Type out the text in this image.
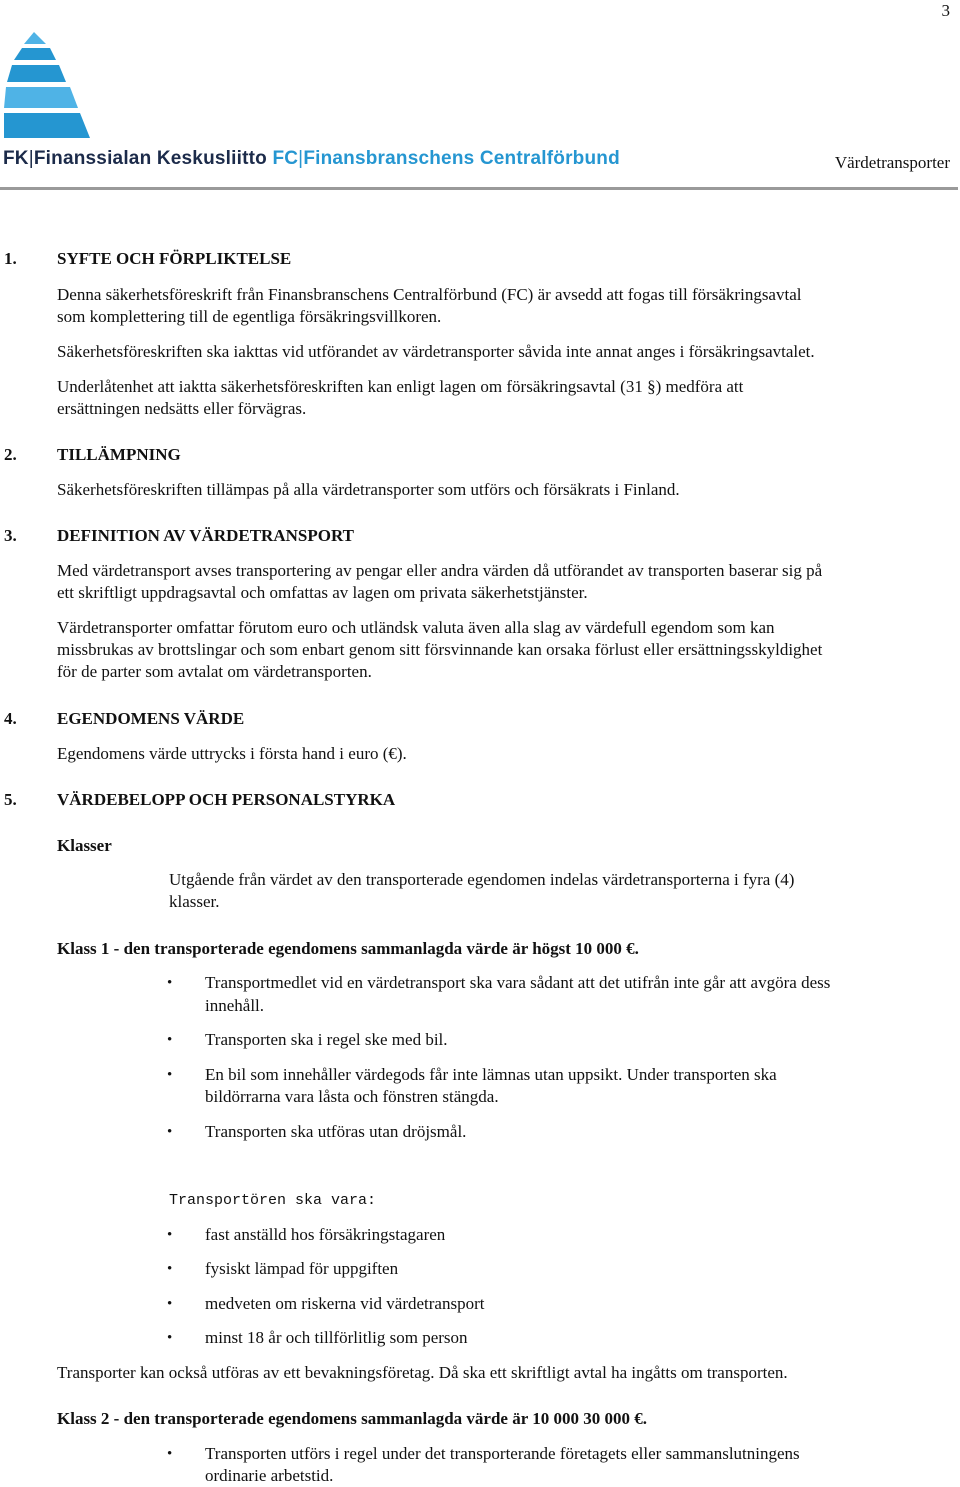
3
FK|Finanssialan Keskusliitto FC|Finansbranschens Centralförbund	Värdetransporter
1. SYFTE OCH FÖRPLIKTELSE
Denna säkerhetsföreskrift från Finansbranschens Centralförbund (FC) är avsedd att fogas till försäkringsavtal
som komplettering till de egentliga försäkringsvillkoren.
Säkerhetsföreskriften ska iakttas vid utförandet av värdetransporter såvida inte annat anges i försäkringsavtalet.
Underlåtenhet att iaktta säkerhetsföreskriften kan enligt lagen om försäkringsavtal (31 §) medföra att
ersättningen nedsätts eller förvägras.
2. TILLÄMPNING
Säkerhetsföreskriften tillämpas på alla värdetransporter som utförs och försäkrats i Finland.
3. DEFINITION AV VÄRDETRANSPORT
Med värdetransport avses transportering av pengar eller andra värden då utförandet av transporten baserar sig på
ett skriftligt uppdragsavtal och omfattas av lagen om privata säkerhetstjänster.
Värdetransporter omfattar förutom euro och utländsk valuta även alla slag av värdefull egendom som kan
missbrukas av brottslingar och som enbart genom sitt försvinnande kan orsaka förlust eller ersättningsskyldighet
för de parter som avtalat om värdetransporten.
4. EGENDOMENS VÄRDE
Egendomens värde uttrycks i första hand i euro (€).
5. VÄRDEBELOPP OCH PERSONALSTYRKA
Klasser
Utgående från värdet av den transporterade egendomen indelas värdetransporterna i fyra (4)
klasser.
Klass 1 - den transporterade egendomens sammanlagda värde är högst 10 000 €.
• Transportmedlet vid en värdetransport ska vara sådant att det utifrån inte går att avgöra dess
innehåll.
• Transporten ska i regel ske med bil.
• En bil som innehåller värdegods får inte lämnas utan uppsikt. Under transporten ska
bildörrarna vara låsta och fönstren stängda.
• Transporten ska utföras utan dröjsmål.
Transportören ska vara:
• fast anställd hos försäkringstagaren
• fysiskt lämpad för uppgiften
• medveten om riskerna vid värdetransport
• minst 18 år och tillförlitlig som person
Transporter kan också utföras av ett bevakningsföretag. Då ska ett skriftligt avtal ha ingåtts om transporten.
Klass 2 - den transporterade egendomens sammanlagda värde är 10 000 30 000 €.
• Transporten utförs i regel under det transporterande företagets eller sammanslutningens
ordinarie arbetstid.
